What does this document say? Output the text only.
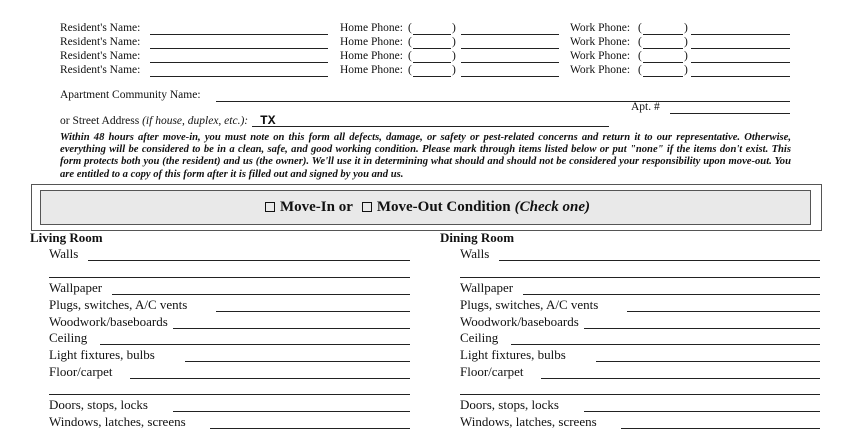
Resident's Name:	Home Phone: (	)	Work Phone: (	)
Resident's Name:	Home Phone: (	)	Work Phone: (	)
Resident's Name:	Home Phone: (	)	Work Phone: (	)
Resident's Name:	Home Phone: (	)	Work Phone: (	)
Apartment Community Name:
or Street Address (if house, duplex, etc.): TX
Apt. #
Within 48 hours after move-in, you must note on this form all defects, damage, or safety or pest-related concerns and return it to our representative. Otherwise, everything will be considered to be in a clean, safe, and good working condition. Please mark through items listed below or put "none" if the items don't exist. This form protects both you (the resident) and us (the owner). We'll use it in determining what should and should not be considered your responsibility upon move-out. You are entitled to a copy of this form after it is filled out and signed by you and us.
Move-In or Move-Out Condition (Check one)
Living Room
Walls
Wallpaper
Plugs, switches, A/C vents
Woodwork/baseboards
Ceiling
Light fixtures, bulbs
Floor/carpet
Doors, stops, locks
Windows, latches, screens
Dining Room
Walls
Wallpaper
Plugs, switches, A/C vents
Woodwork/baseboards
Ceiling
Light fixtures, bulbs
Floor/carpet
Doors, stops, locks
Windows, latches, screens
